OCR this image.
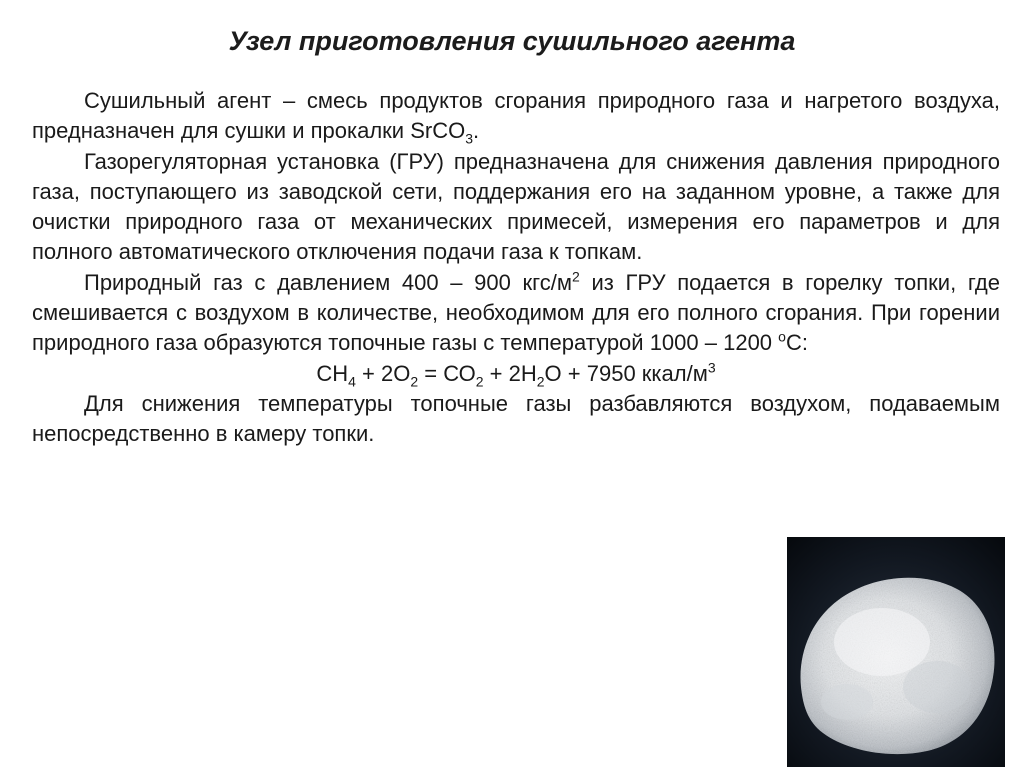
Узел приготовления сушильного агента

Сушильный агент – смесь продуктов сгорания природного газа и нагретого воздуха, предназначен для сушки и прокалки SrCO$_3$.

Газорегуляторная установка (ГРУ) предназначена для снижения давления природного газа, поступающего из заводской сети, поддержания его на заданном уровне, а также для очистки природного газа от механических примесей, измерения его параметров и для полного автоматического отключения подачи газа к топкам.

Природный газ с давлением 400 – 900 кгс/$м^2$ из ГРУ подается в горелку топки, где смешивается с воздухом в количестве, необходимом для его полного сгорания. При горении природного газа образуются топочные газы с температурой 1000 – 1200 $^о$С:

$СН_4 + 2О_2 = СО_2 + 2Н_2О + 7950$ ккал/$м^3$

Для снижения температуры топочные газы разбавляются воздухом, подаваемым непосредственно в камеру топки.
